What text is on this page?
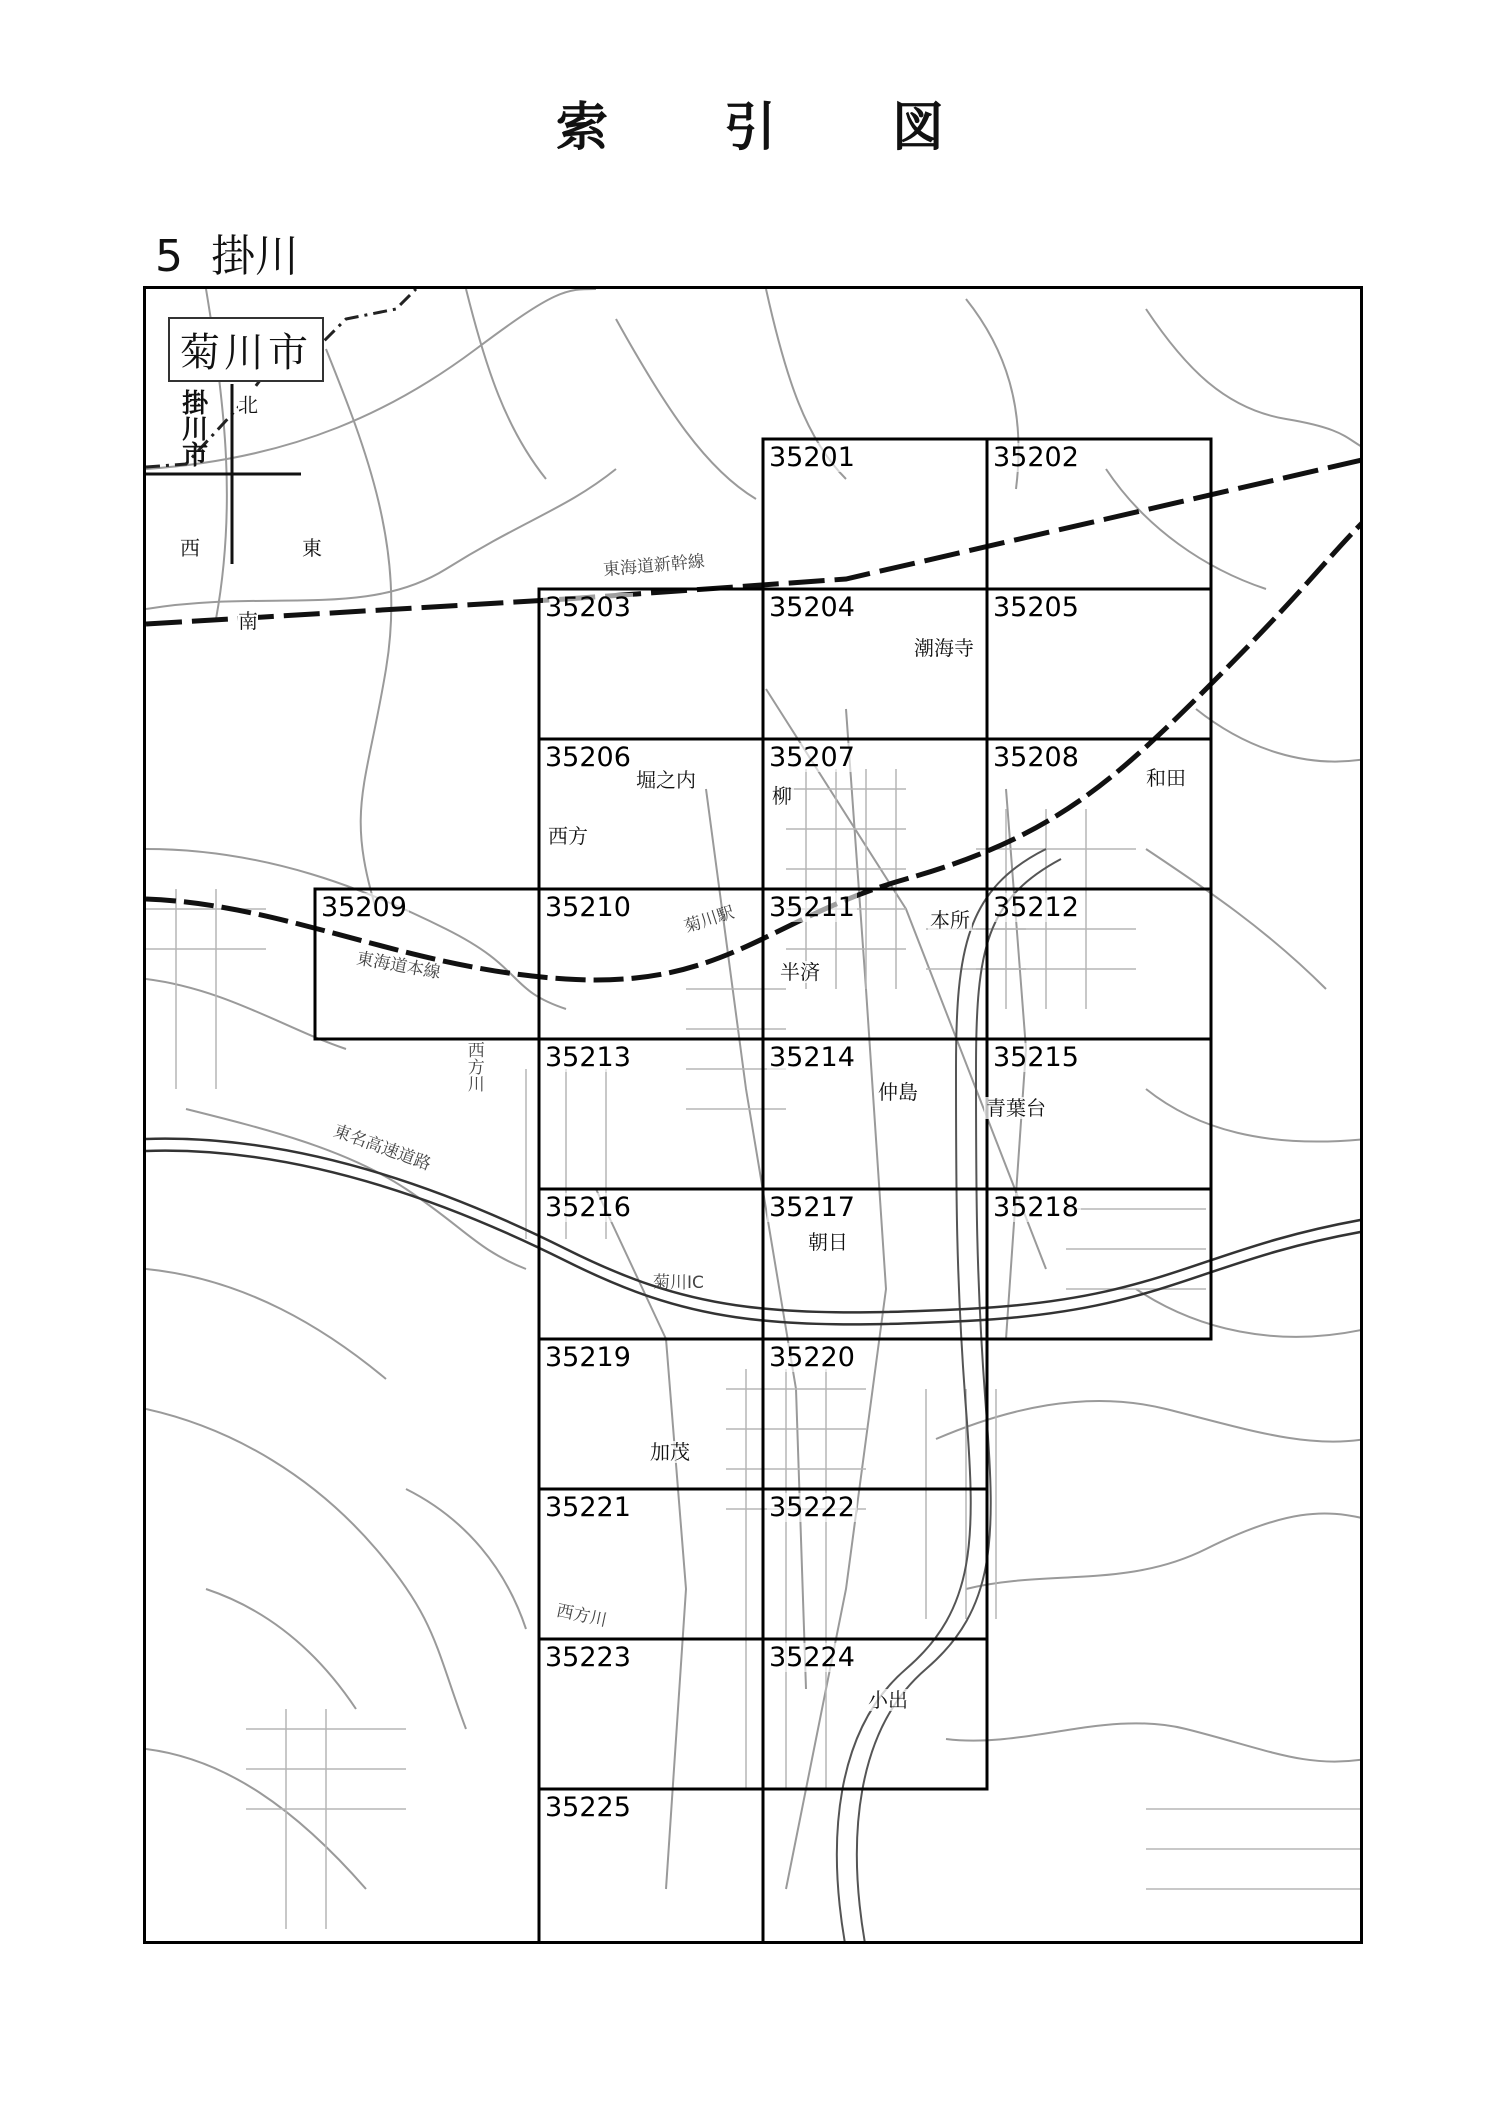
索 引 図
5 掛川
菊川市
掛川市 北
南
東
西
35201	35202
35203	35204	35205
35206	35207	35208
35209	35210	35211	35212
35213	35214	35215
35216	35217	35218
35219	35220
35221	35222
35223	35224
35225
潮海寺
堀之内
柳
西方
和田
本所
半済
仲島
青葉台
朝日
加茂
小出
東海道新幹線
東海道本線
東名高速道路
菊川駅
菊川IC
西方川
西方川
